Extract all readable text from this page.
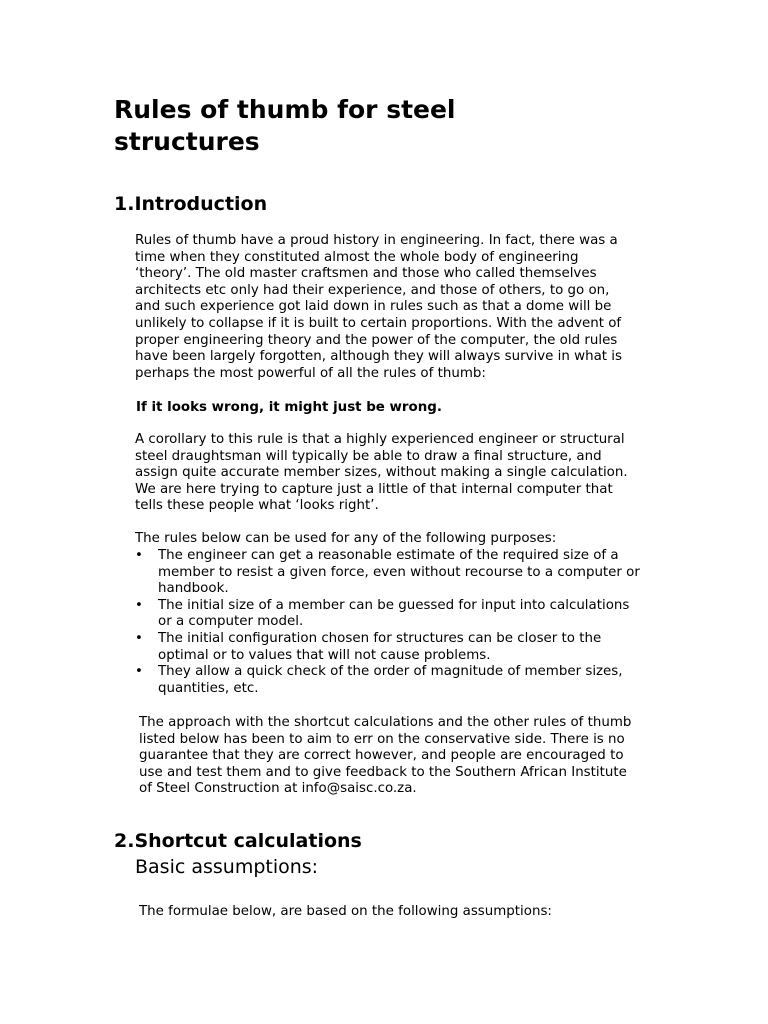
Rules of thumb for steel
structures
1.Introduction
Rules of thumb have a proud history in engineering. In fact, there was a
time when they constituted almost the whole body of engineering
‘theory’. The old master craftsmen and those who called themselves
architects etc only had their experience, and those of others, to go on,
and such experience got laid down in rules such as that a dome will be
unlikely to collapse if it is built to certain proportions. With the advent of
proper engineering theory and the power of the computer, the old rules
have been largely forgotten, although they will always survive in what is
perhaps the most powerful of all the rules of thumb:

If it looks wrong, it might just be wrong.

A corollary to this rule is that a highly experienced engineer or structural
steel draughtsman will typically be able to draw a final structure, and
assign quite accurate member sizes, without making a single calculation.
We are here trying to capture just a little of that internal computer that
tells these people what ‘looks right’.

The rules below can be used for any of the following purposes:

•	The engineer can get a reasonable estimate of the required size of a
member to resist a given force, even without recourse to a computer or
handbook.
•	The initial size of a member can be guessed for input into calculations
or a computer model.
•	The initial configuration chosen for structures can be closer to the
optimal or to values that will not cause problems.
•	They allow a quick check of the order of magnitude of member sizes,
quantities, etc.
The approach with the shortcut calculations and the other rules of thumb
listed below has been to aim to err on the conservative side. There is no
guarantee that they are correct however, and people are encouraged to
use and test them and to give feedback to the Southern African Institute
of Steel Construction at info@saisc.co.za.
2.Shortcut calculations
Basic assumptions:

The formulae below, are based on the following assumptions:
